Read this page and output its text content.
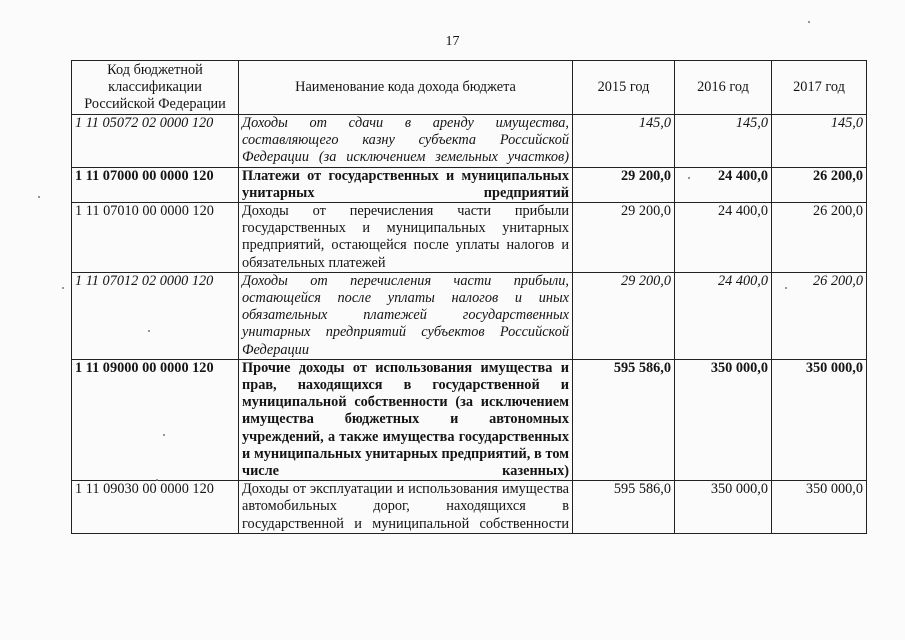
17
Код бюджетной классификации Российской Федерации	Наименование кода дохода бюджета	2015 год	2016 год	2017 год
1 11 05072 02 0000 120	Доходы от сдачи в аренду имущества, составляющего казну субъекта Российской Федерации (за исключением земельных участков)	145,0	145,0	145,0
1 11 07000 00 0000 120	Платежи от государственных и муниципальных унитарных предприятий	29 200,0	24 400,0	26 200,0
1 11 07010 00 0000 120	Доходы от перечисления части прибыли государственных и муниципальных унитарных предприятий, остающейся после уплаты налогов и обязательных платежей	29 200,0	24 400,0	26 200,0
1 11 07012 02 0000 120	Доходы от перечисления части прибыли, остающейся после уплаты налогов и иных обязательных платежей государственных унитарных предприятий субъектов Российской Федерации	29 200,0	24 400,0	26 200,0
1 11 09000 00 0000 120	Прочие доходы от использования имущества и прав, находящихся в государственной и муниципальной собственности (за исключением имущества бюджетных и автономных учреждений, а также имущества государственных и муниципальных унитарных предприятий, в том числе казенных)	595 586,0	350 000,0	350 000,0
1 11 09030 00 0000 120	Доходы от эксплуатации и использования имущества автомобильных дорог, находящихся в государственной и муниципальной собственности	595 586,0	350 000,0	350 000,0
